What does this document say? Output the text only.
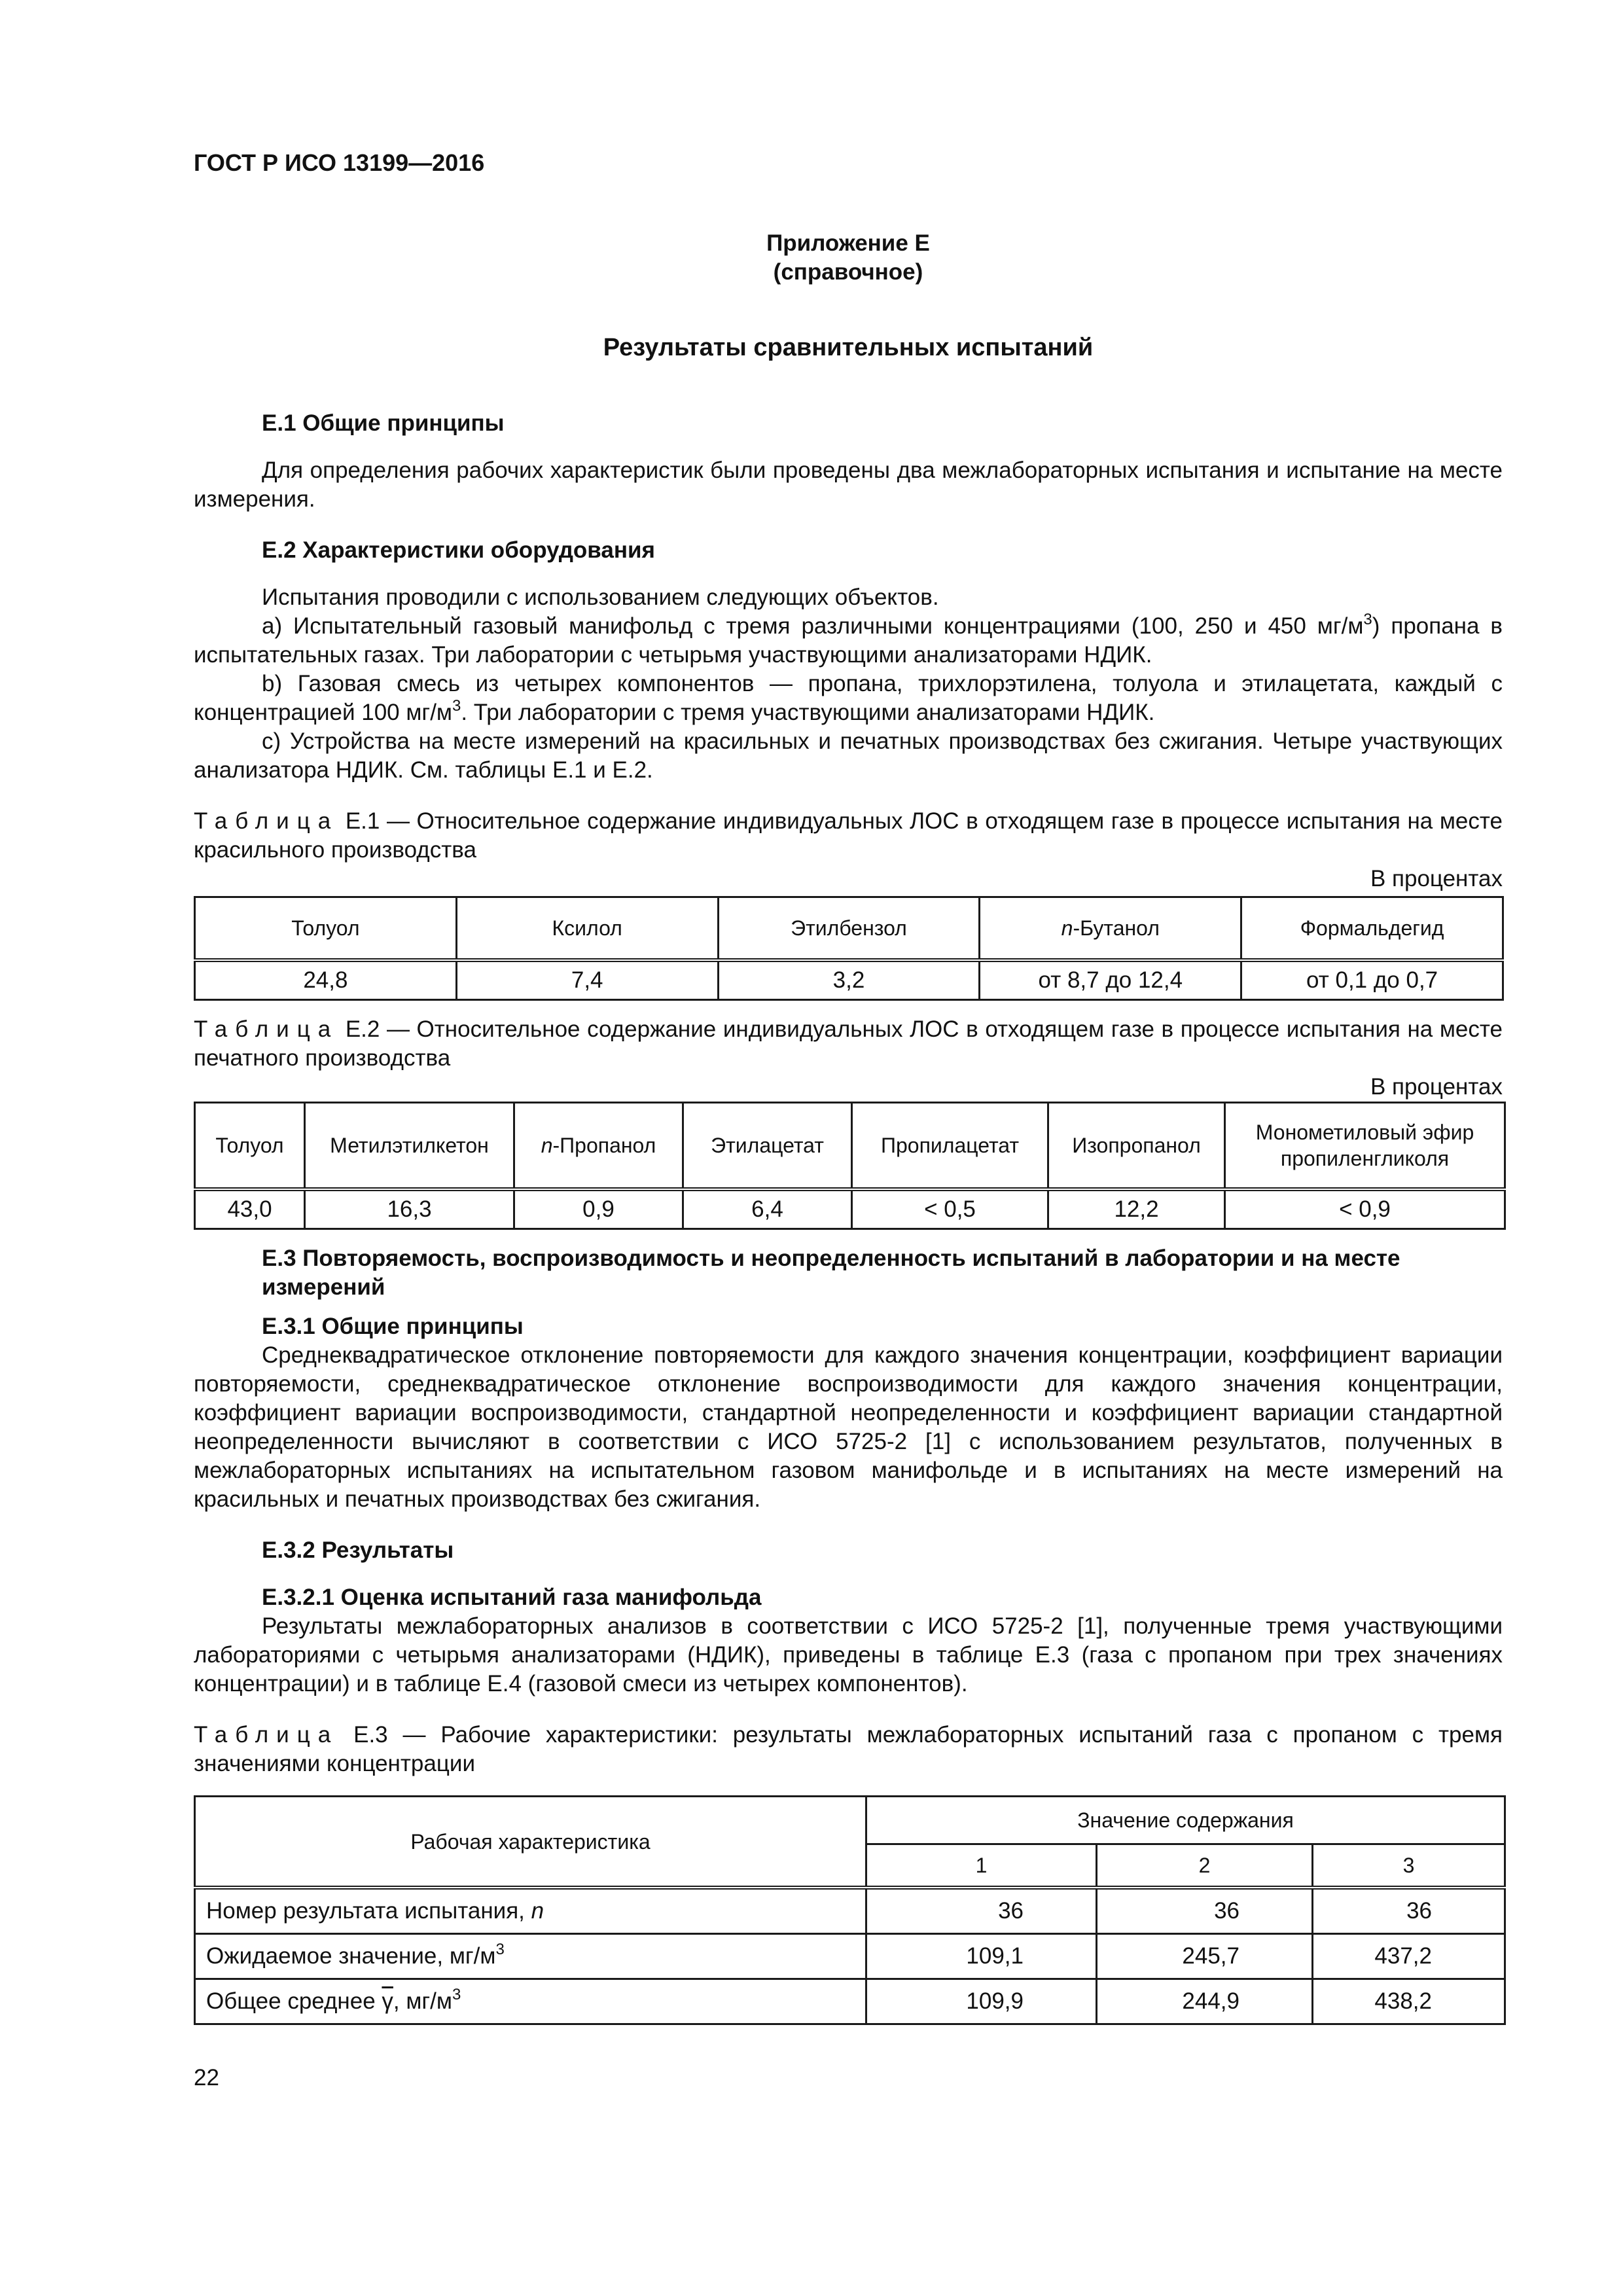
ГОСТ Р ИСО 13199—2016
Приложение Е
(справочное)
Результаты сравнительных испытаний
Е.1 Общие принципы

Для определения рабочих характеристик были проведены два межлабораторных испытания и испытание на месте измерения.

Е.2 Характеристики оборудования

Испытания проводили с использованием следующих объектов.

а) Испытательный газовый манифольд с тремя различными концентрациями (100, 250 и 450 $мг/м^3$) пропана в испытательных газах. Три лаборатории с четырьмя участвующими анализаторами НДИК.

b) Газовая смесь из четырех компонентов — пропана, трихлорэтилена, толуола и этилацетата, каждый с концентрацией 100 $мг/м^3$. Три лаборатории с тремя участвующими анализаторами НДИК.

c) Устройства на месте измерений на красильных и печатных производствах без сжигания. Четыре участвующих анализатора НДИК. См. таблицы Е.1 и Е.2.

Таблица Е.1 — Относительное содержание индивидуальных ЛОС в отходящем газе в процессе испытания на месте красильного производства

В процентах

Толуол	Ксилол	Этилбензол	n-Бутанол	Формальдегид
24,8	7,4	3,2	от 8,7 до 12,4	от 0,1 до 0,7

Таблица Е.2 — Относительное содержание индивидуальных ЛОС в отходящем газе в процессе испытания на месте печатного производства

В процентах

Толуол	Метилэтилкетон	n-Пропанол	Этилацетат	Пропилацетат	Изопропанол	Монометиловый эфир пропиленгликоля
43,0	16,3	0,9	6,4	< 0,5	12,2	< 0,9
Е.3 Повторяемость, воспроизводимость и неопределенность испытаний в лаборатории и на месте измерений
Е.3.1 Общие принципы

Среднеквадратическое отклонение повторяемости для каждого значения концентрации, коэффициент вариации повторяемости, среднеквадратическое отклонение воспроизводимости для каждого значения концентрации, коэффициент вариации воспроизводимости, стандартной неопределенности и коэффициент вариации стандартной неопределенности вычисляют в соответствии с ИСО 5725-2 [1] с использованием результатов, полученных в межлабораторных испытаниях на испытательном газовом манифольде и в испытаниях на месте измерений на красильных и печатных производствах без сжигания.

Е.3.2 Результаты
Е.3.2.1 Оценка испытаний газа манифольда

Результаты межлабораторных анализов в соответствии с ИСО 5725-2 [1], полученные тремя участвующими лабораториями с четырьмя анализаторами (НДИК), приведены в таблице Е.3 (газа с пропаном при трех значениях концентрации) и в таблице Е.4 (газовой смеси из четырех компонентов).

Таблица Е.3 — Рабочие характеристики: результаты межлабораторных испытаний газа с пропаном с тремя значениями концентрации

Рабочая характеристика	Значение содержания		
	1	2	3
Номер результата испытания, n	36	36	36
Ожидаемое значение, $мг/м^3$	109,1	245,7	437,2
Общее среднее $\overline{\gamma}$, $мг/м^3$	109,9	244,9	438,2
22
